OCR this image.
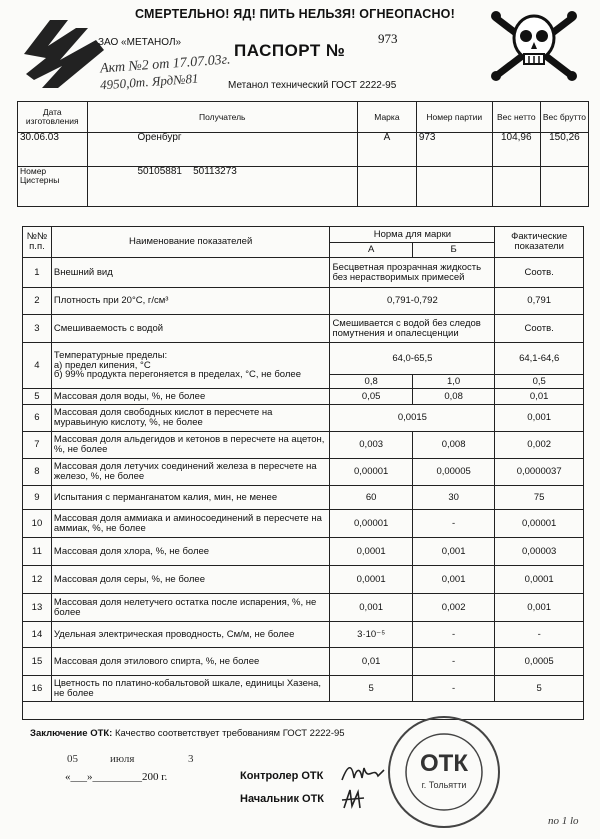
СМЕРТЕЛЬНО! ЯД! ПИТЬ НЕЛЬЗЯ! ОГНЕОПАСНО!
ЗАО «МЕТАНОЛ»	ПАСПОРТ №
973
Метанол технический ГОСТ 2222-95
Акт №2 от 17.07.03г.
4950,0т. Ярд№81
Дата изготовления	Получатель	Марка	Номер партии	Вес нетто	Вес брутто
30.06.03	Оренбург	А	973	104,96	150,26
Номер Цистерны	50105881    50113273				
№№ п.п.	Наименование показателей	Норма для марки		Фактические показатели
		А	Б	
1	Внешний вид	Бесцветная прозрачная жидкость без нерастворимых примесей		Соотв.
2	Плотность при 20°С, г/см³	0,791-0,792		0,791
3	Смешиваемость с водой	Смешивается с водой без следов помутнения и опалесценции		Соотв.
4	Температурные пределы:
а) предел кипения, °С
б) 99% продукта перегоняется в пределах, °С, не более	64,0-65,5		64,1-64,6
		0,8	1,0	0,5
5	Массовая доля воды, %, не более	0,05	0,08	0,01
6	Массовая доля свободных кислот в пересчете на муравьиную кислоту, %, не более	0,0015		0,001
7	Массовая доля альдегидов и кетонов в пересчете на ацетон, %, не более	0,003	0,008	0,002
8	Массовая доля летучих соединений железа в пересчете на железо, %, не более	0,00001	0,00005	0,0000037
9	Испытания с перманганатом калия, мин, не менее	60	30	75
10	Массовая доля аммиака и аминосоединений в пересчете на аммиак, %, не более	0,00001	-	0,00001
11	Массовая доля хлора, %, не более	0,0001	0,001	0,00003
12	Массовая доля серы, %, не более	0,0001	0,001	0,0001
13	Массовая доля нелетучего остатка после испарения, %, не более	0,001	0,002	0,001
14	Удельная электрическая проводность, См/м, не более	3·10⁻⁵	-	-
15	Массовая доля этилового спирта, %, не более	0,01	-	0,0005
16	Цветность по платино-кобальтовой шкале, единицы Хазена, не более	5	-	5

Заключение ОТК: Качество соответствует требованиям ГОСТ 2222-95
05	июля	3
«___»_________200 г.	Контролер ОТК
Начальник ОТК
ОТК
г. Тольятти
no 1 lo
